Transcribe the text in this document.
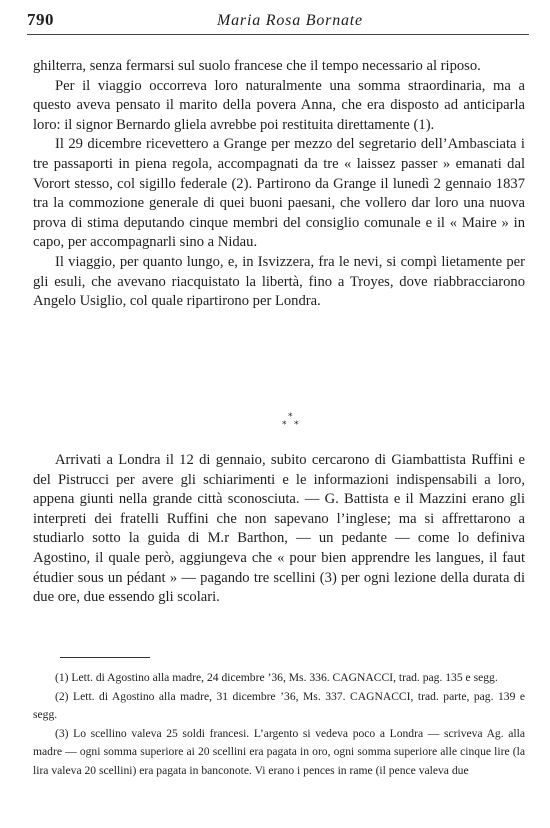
790	Maria Rosa Bornate

ghilterra, senza fermarsi sul suolo francese che il tempo necessario al riposo.

Per il viaggio occorreva loro naturalmente una somma straordinaria, ma a questo aveva pensato il marito della povera Anna, che era disposto ad anticiparla loro: il signor Bernardo gliela avrebbe poi restituita direttamente (1).

Il 29 dicembre ricevettero a Grange per mezzo del segretario dell’Ambasciata i tre passaporti in piena regola, accompagnati da tre « laissez passer » emanati dal Vorort stesso, col sigillo federale (2). Partirono da Grange il lunedì 2 gennaio 1837 tra la commozione generale di quei buoni paesani, che vollero dar loro una nuova prova di stima deputando cinque membri del consiglio comunale e il « Maire » in capo, per accompagnarli sino a Nidau.

Il viaggio, per quanto lungo, e, in Isvizzera, fra le nevi, si compì lietamente per gli esuli, che avevano riacquistato la libertà, fino a Troyes, dove riabbracciarono Angelo Usiglio, col quale ripartirono per Londra.

*
* *

Arrivati a Londra il 12 di gennaio, subito cercarono di Giambattista Ruffini e del Pistrucci per avere gli schiarimenti e le informazioni indispensabili a loro, appena giunti nella grande città sconosciuta. — G. Battista e il Mazzini erano gli interpreti dei fratelli Ruffini che non sapevano l’inglese; ma si affrettarono a studiarlo sotto la guida di M.r Barthon, — un pedante — come lo definiva Agostino, il quale però, aggiungeva che « pour bien apprendre les langues, il faut étudier sous un pédant » — pagando tre scellini (3) per ogni lezione della durata di due ore, due essendo gli scolari.

(1) Lett. di Agostino alla madre, 24 dicembre ’36, Ms. 336. CAGNACCI, trad. pag. 135 e segg.

(2) Lett. di Agostino alla madre, 31 dicembre ’36, Ms. 337. CAGNACCI, trad. parte, pag. 139 e segg.

(3) Lo scellino valeva 25 soldi francesi. L’argento si vedeva poco a Londra — scriveva Ag. alla madre — ogni somma superiore ai 20 scellini era pagata in oro, ogni somma superiore alle cinque lire (la lira valeva 20 scellini) era pagata in banconote. Vi erano i pences in rame (il pence valeva due
